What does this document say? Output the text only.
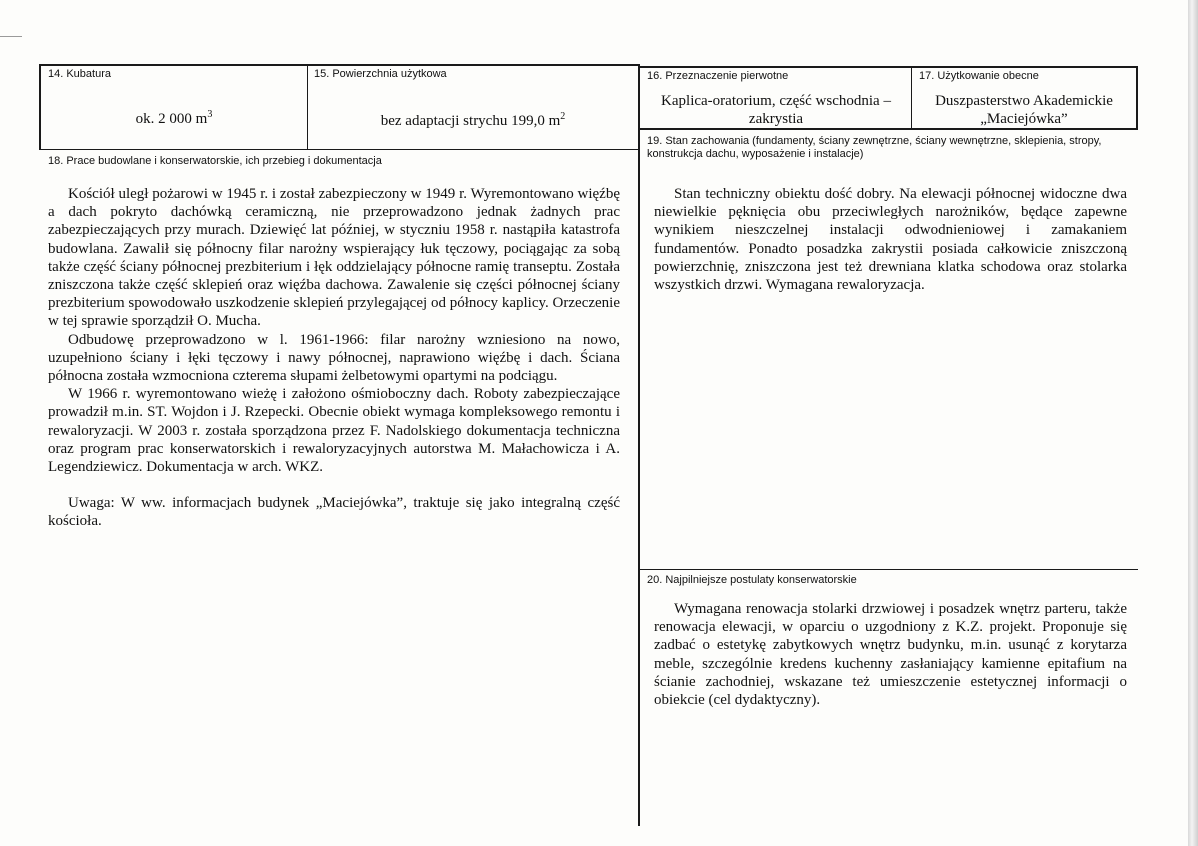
14. Kubatura
ok. 2 000 $m^3$
15. Powierzchnia użytkowa
bez adaptacji strychu 199,0 $m^2$
16. Przeznaczenie pierwotne
Kaplica-oratorium, część wschodnia –
zakrystia
17. Użytkowanie obecne
Duszpasterstwo Akademickie
„Maciejówka”
18. Prace budowlane i konserwatorskie, ich przebieg i dokumentacja

Kościół uległ pożarowi w 1945 r. i został zabezpieczony w 1949 r. Wyremontowano więźbę a dach pokryto dachówką ceramiczną, nie przeprowadzono jednak żadnych prac zabezpieczających przy murach. Dziewięć lat później, w styczniu 1958 r. nastąpiła katastrofa budowlana. Zawalił się północny filar narożny wspierający łuk tęczowy, pociągając za sobą także część ściany północnej prezbiterium i łęk oddzielający północne ramię transeptu. Została zniszczona także część sklepień oraz więźba dachowa. Zawalenie się części północnej ściany prezbiterium spowodowało uszkodzenie sklepień przylegającej od północy kaplicy. Orzeczenie w tej sprawie sporządził O. Mucha.

Odbudowę przeprowadzono w l. 1961-1966: filar narożny wzniesiono na nowo, uzupełniono ściany i łęki tęczowy i nawy północnej, naprawiono więźbę i dach. Ściana północna została wzmocniona czterema słupami żelbetowymi opartymi na podciągu.

W 1966 r. wyremontowano wieżę i założono ośmioboczny dach. Roboty zabezpieczające prowadził m.in. ST. Wojdon i J. Rzepecki. Obecnie obiekt wymaga kompleksowego remontu i rewaloryzacji. W 2003 r. została sporządzona przez F. Nadolskiego dokumentacja techniczna oraz program prac konserwatorskich i rewaloryzacyjnych autorstwa M. Małachowicza i A. Legendziewicz. Dokumentacja w arch. WKZ.

Uwaga: W ww. informacjach budynek „Maciejówka”, traktuje się jako integralną część kościoła.

19. Stan zachowania (fundamenty, ściany zewnętrzne, ściany wewnętrzne, sklepienia, stropy, konstrukcja dachu, wyposażenie i instalacje)

Stan techniczny obiektu dość dobry. Na elewacji północnej widoczne dwa niewielkie pęknięcia obu przeciwległych narożników, będące zapewne wynikiem nieszczelnej instalacji odwodnieniowej i zamakaniem fundamentów. Ponadto posadzka zakrystii posiada całkowicie zniszczoną powierzchnię, zniszczona jest też drewniana klatka schodowa oraz stolarka wszystkich drzwi. Wymagana rewaloryzacja.

20. Najpilniejsze postulaty konserwatorskie

Wymagana renowacja stolarki drzwiowej i posadzek wnętrz parteru, także renowacja elewacji, w oparciu o uzgodniony z K.Z. projekt. Proponuje się zadbać o estetykę zabytkowych wnętrz budynku, m.in. usunąć z korytarza meble, szczególnie kredens kuchenny zasłaniający kamienne epitafium na ścianie zachodniej, wskazane też umieszczenie estetycznej informacji o obiekcie (cel dydaktyczny).
